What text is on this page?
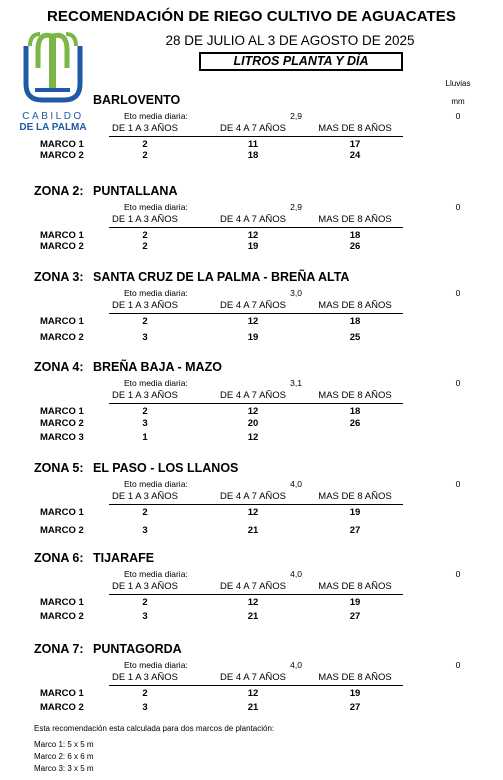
RECOMENDACIÓN DE RIEGO CULTIVO DE AGUACATES
28 DE JULIO AL 3 DE AGOSTO DE 2025
LITROS PLANTA Y DÍA
CABILDO
DE LA PALMA
Lluvias
mm
BARLOVENTO
Eto media diaria:	2,9	0
DE 1 A 3 AÑOS	DE 4 A 7 AÑOS	MAS DE 8 AÑOS
MARCO 1	2	11	17
MARCO 2	2	18	24
ZONA 2: PUNTALLANA
Eto media diaria:	2,9	0
DE 1 A 3 AÑOS	DE 4 A 7 AÑOS	MAS DE 8 AÑOS
MARCO 1	2	12	18
MARCO 2	2	19	26
ZONA 3: SANTA CRUZ DE LA PALMA - BREÑA ALTA
Eto media diaria:	3,0	0
DE 1 A 3 AÑOS	DE 4 A 7 AÑOS	MAS DE 8 AÑOS
MARCO 1	2	12	18
MARCO 2	3	19	25
ZONA 4: BREÑA BAJA - MAZO
Eto media diaria:	3,1	0
DE 1 A 3 AÑOS	DE 4 A 7 AÑOS	MAS DE 8 AÑOS
MARCO 1	2	12	18
MARCO 2	3	20	26
MARCO 3	1	12
ZONA 5: EL PASO - LOS LLANOS
Eto media diaria:	4,0	0
DE 1 A 3 AÑOS	DE 4 A 7 AÑOS	MAS DE 8 AÑOS
MARCO 1	2	12	19
MARCO 2	3	21	27
ZONA 6: TIJARAFE
Eto media diaria:	4,0	0
DE 1 A 3 AÑOS	DE 4 A 7 AÑOS	MAS DE 8 AÑOS
MARCO 1	2	12	19
MARCO 2	3	21	27
ZONA 7: PUNTAGORDA
Eto media diaria:	4,0	0
DE 1 A 3 AÑOS	DE 4 A 7 AÑOS	MAS DE 8 AÑOS
MARCO 1	2	12	19
MARCO 2	3	21	27
Esta recomendación esta calculada para dos marcos de plantación:
Marco 1: 5 x 5 m
Marco 2: 6 x 6 m
Marco 3: 3 x 5 m
